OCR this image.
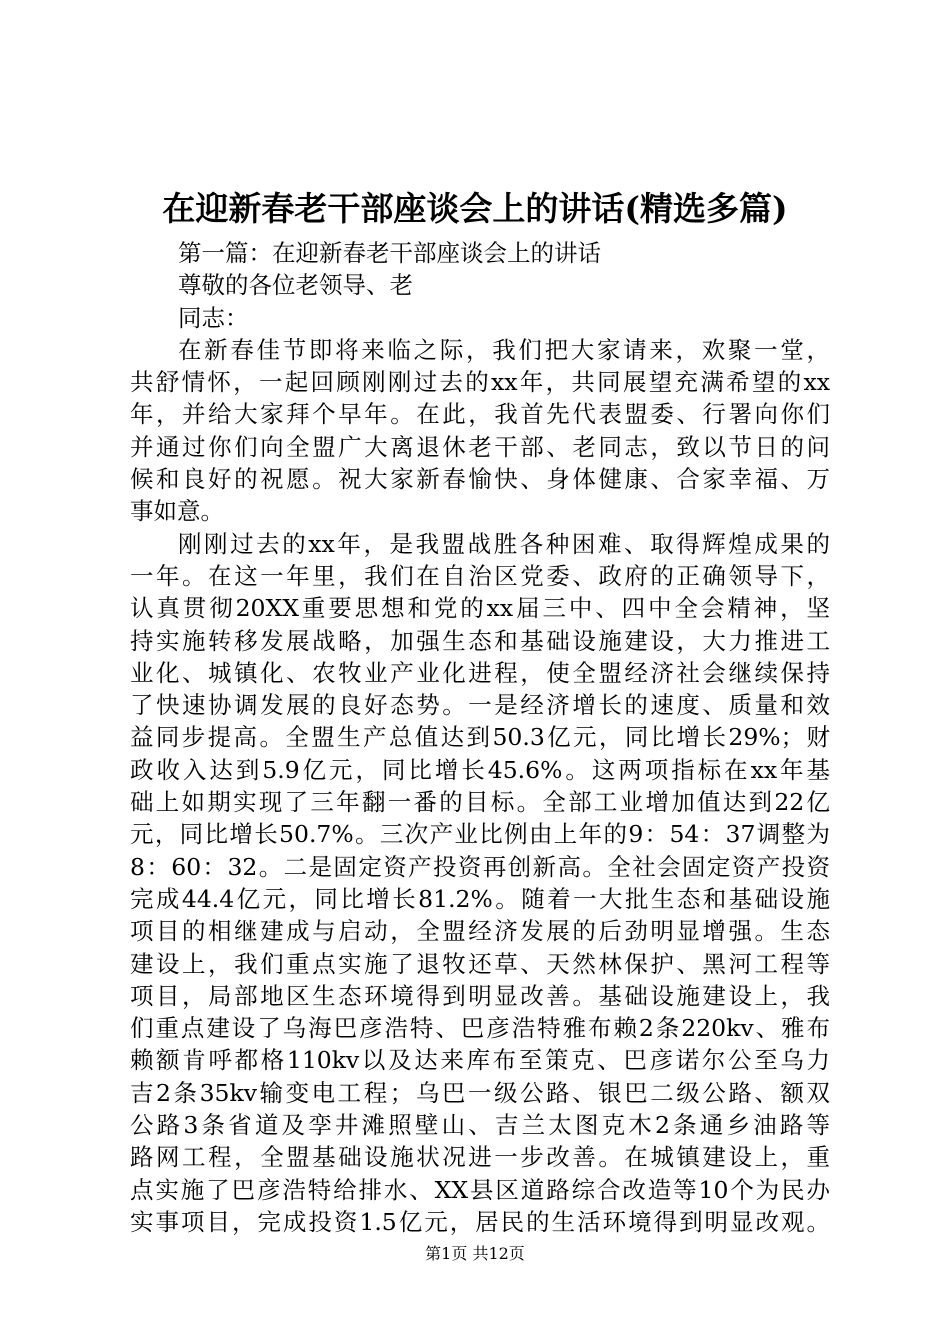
在迎新春老干部座谈会上的讲话(精选多篇)
第一篇：在迎新春老干部座谈会上的讲话
尊敬的各位老领导、老
同志：
在新春佳节即将来临之际，我们把大家请来，欢聚一堂，
共舒情怀，一起回顾刚刚过去的xx年，共同展望充满希望的xx
年，并给大家拜个早年。在此，我首先代表盟委、行署向你们
并通过你们向全盟广大离退休老干部、老同志，致以节日的问
候和良好的祝愿。祝大家新春愉快、身体健康、合家幸福、万
事如意。
刚刚过去的xx年，是我盟战胜各种困难、取得辉煌成果的
一年。在这一年里，我们在自治区党委、政府的正确领导下，
认真贯彻20XX重要思想和党的xx届三中、四中全会精神，坚
持实施转移发展战略，加强生态和基础设施建设，大力推进工
业化、城镇化、农牧业产业化进程，使全盟经济社会继续保持
了快速协调发展的良好态势。一是经济增长的速度、质量和效
益同步提高。全盟生产总值达到50.3亿元，同比增长29%；财
政收入达到5.9亿元，同比增长45.6%。这两项指标在xx年基
础上如期实现了三年翻一番的目标。全部工业增加值达到22亿
元，同比增长50.7%。三次产业比例由上年的9：54：37调整为
8：60：32。二是固定资产投资再创新高。全社会固定资产投资
完成44.4亿元，同比增长81.2%。随着一大批生态和基础设施
项目的相继建成与启动，全盟经济发展的后劲明显增强。生态
建设上，我们重点实施了退牧还草、天然林保护、黑河工程等
项目，局部地区生态环境得到明显改善。基础设施建设上，我
们重点建设了乌海巴彦浩特、巴彦浩特雅布赖2条220kv、雅布
赖额肯呼都格110kv以及达来库布至策克、巴彦诺尔公至乌力
吉2条35kv输变电工程；乌巴一级公路、银巴二级公路、额双
公路3条省道及孪井滩照壁山、吉兰太图克木2条通乡油路等
路网工程，全盟基础设施状况进一步改善。在城镇建设上，重
点实施了巴彦浩特给排水、XX县区道路综合改造等10个为民办
实事项目，完成投资1.5亿元，居民的生活环境得到明显改观。
第1页 共12页
